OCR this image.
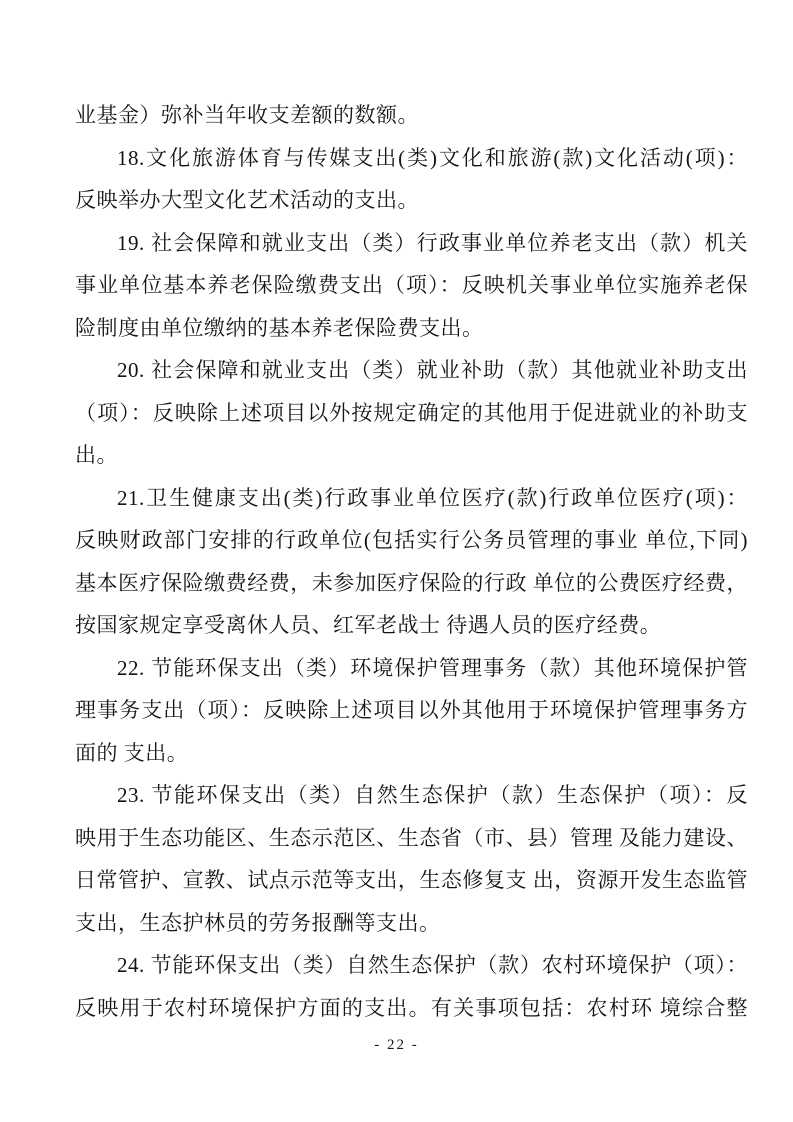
业基金）弥补当年收支差额的数额。
18.文化旅游体育与传媒支出(类)文化和旅游(款)文化活动(项)：
反映举办大型文化艺术活动的支出。
19. 社会保障和就业支出（类）行政事业单位养老支出（款）机关
事业单位基本养老保险缴费支出（项）：反映机关事业单位实施养老保
险制度由单位缴纳的基本养老保险费支出。
20. 社会保障和就业支出（类）就业补助（款）其他就业补助支出
（项）：反映除上述项目以外按规定确定的其他用于促进就业的补助支
出。
21.卫生健康支出(类)行政事业单位医疗(款)行政单位医疗(项)：
反映财政部门安排的行政单位(包括实行公务员管理的事业 单位,下同)
基本医疗保险缴费经费，未参加医疗保险的行政 单位的公费医疗经费，
按国家规定享受离休人员、红军老战士 待遇人员的医疗经费。
22. 节能环保支出（类）环境保护管理事务（款）其他环境保护管
理事务支出（项）：反映除上述项目以外其他用于环境保护管理事务方
面的 支出。
23. 节能环保支出（类）自然生态保护（款）生态保护（项）：反
映用于生态功能区、生态示范区、生态省（市、县）管理 及能力建设、
日常管护、宣教、试点示范等支出，生态修复支 出，资源开发生态监管
支出，生态护林员的劳务报酬等支出。
24. 节能环保支出（类）自然生态保护（款）农村环境保护（项）：
反映用于农村环境保护方面的支出。有关事项包括：农村环 境综合整
- 22 -
